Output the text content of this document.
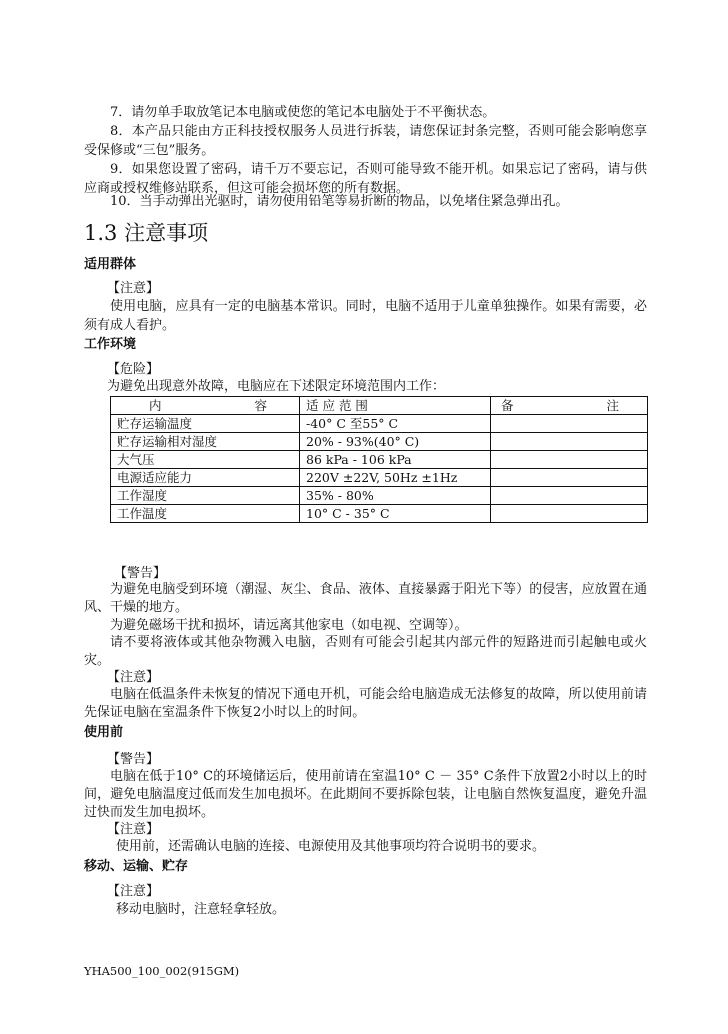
7．请勿单手取放笔记本电脑或使您的笔记本电脑处于不平衡状态。

8．本产品只能由方正科技授权服务人员进行拆装，请您保证封条完整，否则可能会影响您享受保修或“三包”服务。

9．如果您设置了密码，请千万不要忘记，否则可能导致不能开机。如果忘记了密码，请与供应商或授权维修站联系，但这可能会损坏您的所有数据。

10．当手动弹出光驱时，请勿使用铅笔等易折断的物品，以免堵住紧急弹出孔。

1.3 注意事项

适用群体

【注意】

使用电脑，应具有一定的电脑基本常识。同时，电脑不适用于儿童单独操作。如果有需要，必须有成人看护。

工作环境

【危险】

为避免出现意外故障，电脑应在下述限定环境范围内工作：

内 容	适 应 范 围	备 注

贮存运输温度	-40° C 至55° C	
贮存运输相对湿度	20% - 93%(40° C)	
大气压	86 kPa - 106 kPa	
电源适应能力	220V ±22V, 50Hz ±1Hz	
工作湿度	35% - 80%	
工作温度	10° C - 35° C	

【警告】

为避免电脑受到环境（潮湿、灰尘、食品、液体、直接暴露于阳光下等）的侵害，应放置在通风、干燥的地方。

为避免磁场干扰和损坏，请远离其他家电（如电视、空调等）。

请不要将液体或其他杂物溅入电脑，否则有可能会引起其内部元件的短路进而引起触电或火灾。

【注意】

电脑在低温条件未恢复的情况下通电开机，可能会给电脑造成无法修复的故障，所以使用前请先保证电脑在室温条件下恢复2小时以上的时间。

使用前

【警告】

电脑在低于10° C的环境储运后，使用前请在室温10° C － 35° C条件下放置2小时以上的时间，避免电脑温度过低而发生加电损坏。在此期间不要拆除包装，让电脑自然恢复温度，避免升温过快而发生加电损坏。

【注意】

使用前，还需确认电脑的连接、电源使用及其他事项均符合说明书的要求。

移动、运输、贮存

【注意】

移动电脑时，注意轻拿轻放。

YHA500_100_002(915GM)
